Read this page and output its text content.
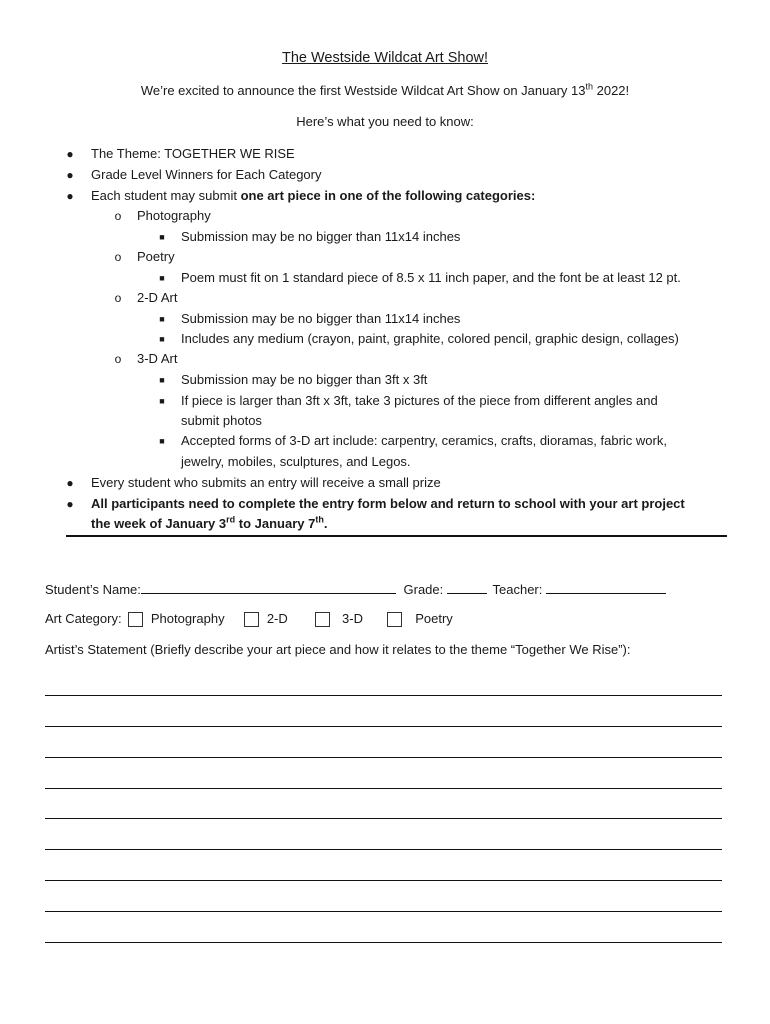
The Westside Wildcat Art Show!
We’re excited to announce the first Westside Wildcat Art Show on January 13th 2022!
Here’s what you need to know:
● The Theme: TOGETHER WE RISE
● Grade Level Winners for Each Category
● Each student may submit one art piece in one of the following categories:
o Photography
■ Submission may be no bigger than 11x14 inches
o Poetry
■ Poem must fit on 1 standard piece of 8.5 x 11 inch paper, and the font be at least 12 pt.
o 2-D Art
■ Submission may be no bigger than 11x14 inches
■ Includes any medium (crayon, paint, graphite, colored pencil, graphic design, collages)
o 3-D Art
■ Submission may be no bigger than 3ft x 3ft
■ If piece is larger than 3ft x 3ft, take 3 pictures of the piece from different angles and
submit photos
■ Accepted forms of 3-D art include: carpentry, ceramics, crafts, dioramas, fabric work,
jewelry, mobiles, sculptures, and Legos.
● Every student who submits an entry will receive a small prize
● All participants need to complete the entry form below and return to school with your art project
the week of January 3rd to January 7th.
Student’s Name:	Grade:	Teacher:
Art Category: Photography	2-D	3-D	Poetry
Artist’s Statement (Briefly describe your art piece and how it relates to the theme “Together We Rise”):
